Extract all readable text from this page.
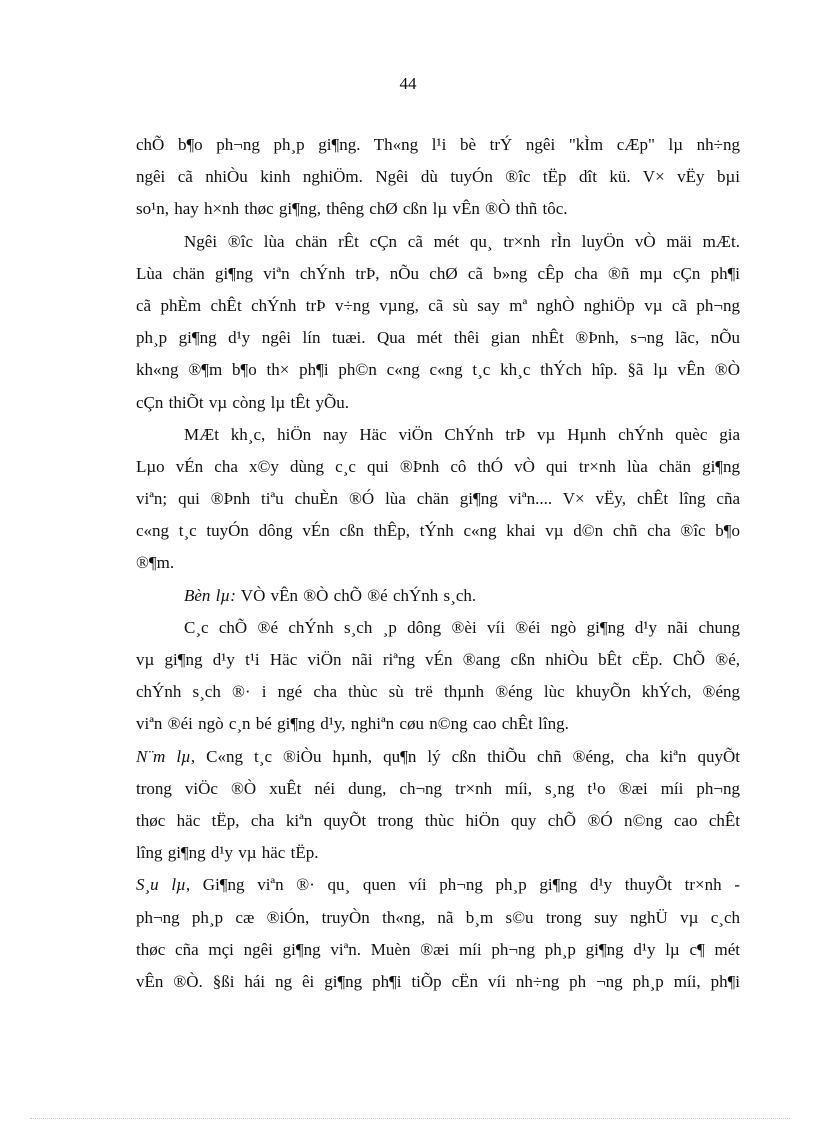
44
chÕ b¶o ph¬ng ph¸p gi¶ng. Th«ng l¹i bè trÝ ngêi "kÌm cÆp" lµ nh÷ng
ngêi cã nhiÒu kinh nghiÖm. Ngêi dù tuyÓn ®îc tËp dît kü. V× vËy bµi
so¹n, hay h×nh thøc gi¶ng, thêng chØ cßn lµ vÊn ®Ò thñ tôc.
Ngêi ®îc lùa chän rÊt cÇn cã mét qu¸ tr×nh rÌn luyÖn vÒ mäi mÆt.
Lùa chän gi¶ng viªn chÝnh trÞ, nÕu chØ cã b»ng cÊp cha ®ñ mµ cÇn ph¶i
cã phÈm chÊt chÝnh trÞ v÷ng vµng, cã sù say mª nghÒ nghiÖp vµ cã ph¬ng
ph¸p gi¶ng d¹y ngêi lín tuæi. Qua mét thêi gian nhÊt ®Þnh, s¬ng lãc, nÕu
kh«ng ®¶m b¶o th× ph¶i ph©n c«ng c«ng t¸c kh¸c thÝch hîp. §ã lµ vÊn ®Ò
cÇn thiÕt vµ còng lµ tÊt yÕu.
MÆt kh¸c, hiÖn nay Häc viÖn ChÝnh trÞ vµ Hµnh chÝnh quèc gia
Lµo vÉn cha x©y dùng c¸c qui ®Þnh cô thÓ vÒ qui tr×nh lùa chän gi¶ng
viªn; qui ®Þnh tiªu chuÈn ®Ó lùa chän gi¶ng viªn.... V× vËy, chÊt lîng cña
c«ng t¸c tuyÓn dông vÉn cßn thÊp, tÝnh c«ng khai vµ d©n chñ cha ®îc b¶o
®¶m.
Bèn lµ: VÒ vÊn ®Ò chÕ ®é chÝnh s¸ch.
C¸c chÕ ®é chÝnh s¸ch ¸p dông ®èi víi ®éi ngò gi¶ng d¹y nãi chung
vµ gi¶ng d¹y t¹i Häc viÖn nãi riªng vÉn ®ang cßn nhiÒu bÊt cËp. ChÕ ®é,
chÝnh s¸ch ®· i ngé cha thùc sù trë thµnh ®éng lùc khuyÕn khÝch, ®éng
viªn ®éi ngò c¸n bé gi¶ng d¹y, nghiªn cøu n©ng cao chÊt lîng.
N¨m lµ, C«ng t¸c ®iÒu hµnh, qu¶n lý cßn thiÕu chñ ®éng, cha kiªn quyÕt
trong viÖc ®Ò xuÊt néi dung, ch¬ng tr×nh míi, s¸ng t¹o ®æi míi ph¬ng
thøc häc tËp, cha kiªn quyÕt trong thùc hiÖn quy chÕ ®Ó n©ng cao chÊt
lîng gi¶ng d¹y vµ häc tËp.
S¸u lµ, Gi¶ng viªn ®· qu¸ quen víi ph¬ng ph¸p gi¶ng d¹y thuyÕt tr×nh -
ph¬ng ph¸p cæ ®iÓn, truyÒn th«ng, nã b¸m s©u trong suy nghÜ vµ c¸ch
thøc cña mçi ngêi gi¶ng viªn. Muèn ®æi míi ph¬ng ph¸p gi¶ng d¹y lµ c¶ mét
vÊn ®Ò. §ßi hái ng êi gi¶ng ph¶i tiÕp cËn víi nh÷ng ph ¬ng ph¸p míi, ph¶i
